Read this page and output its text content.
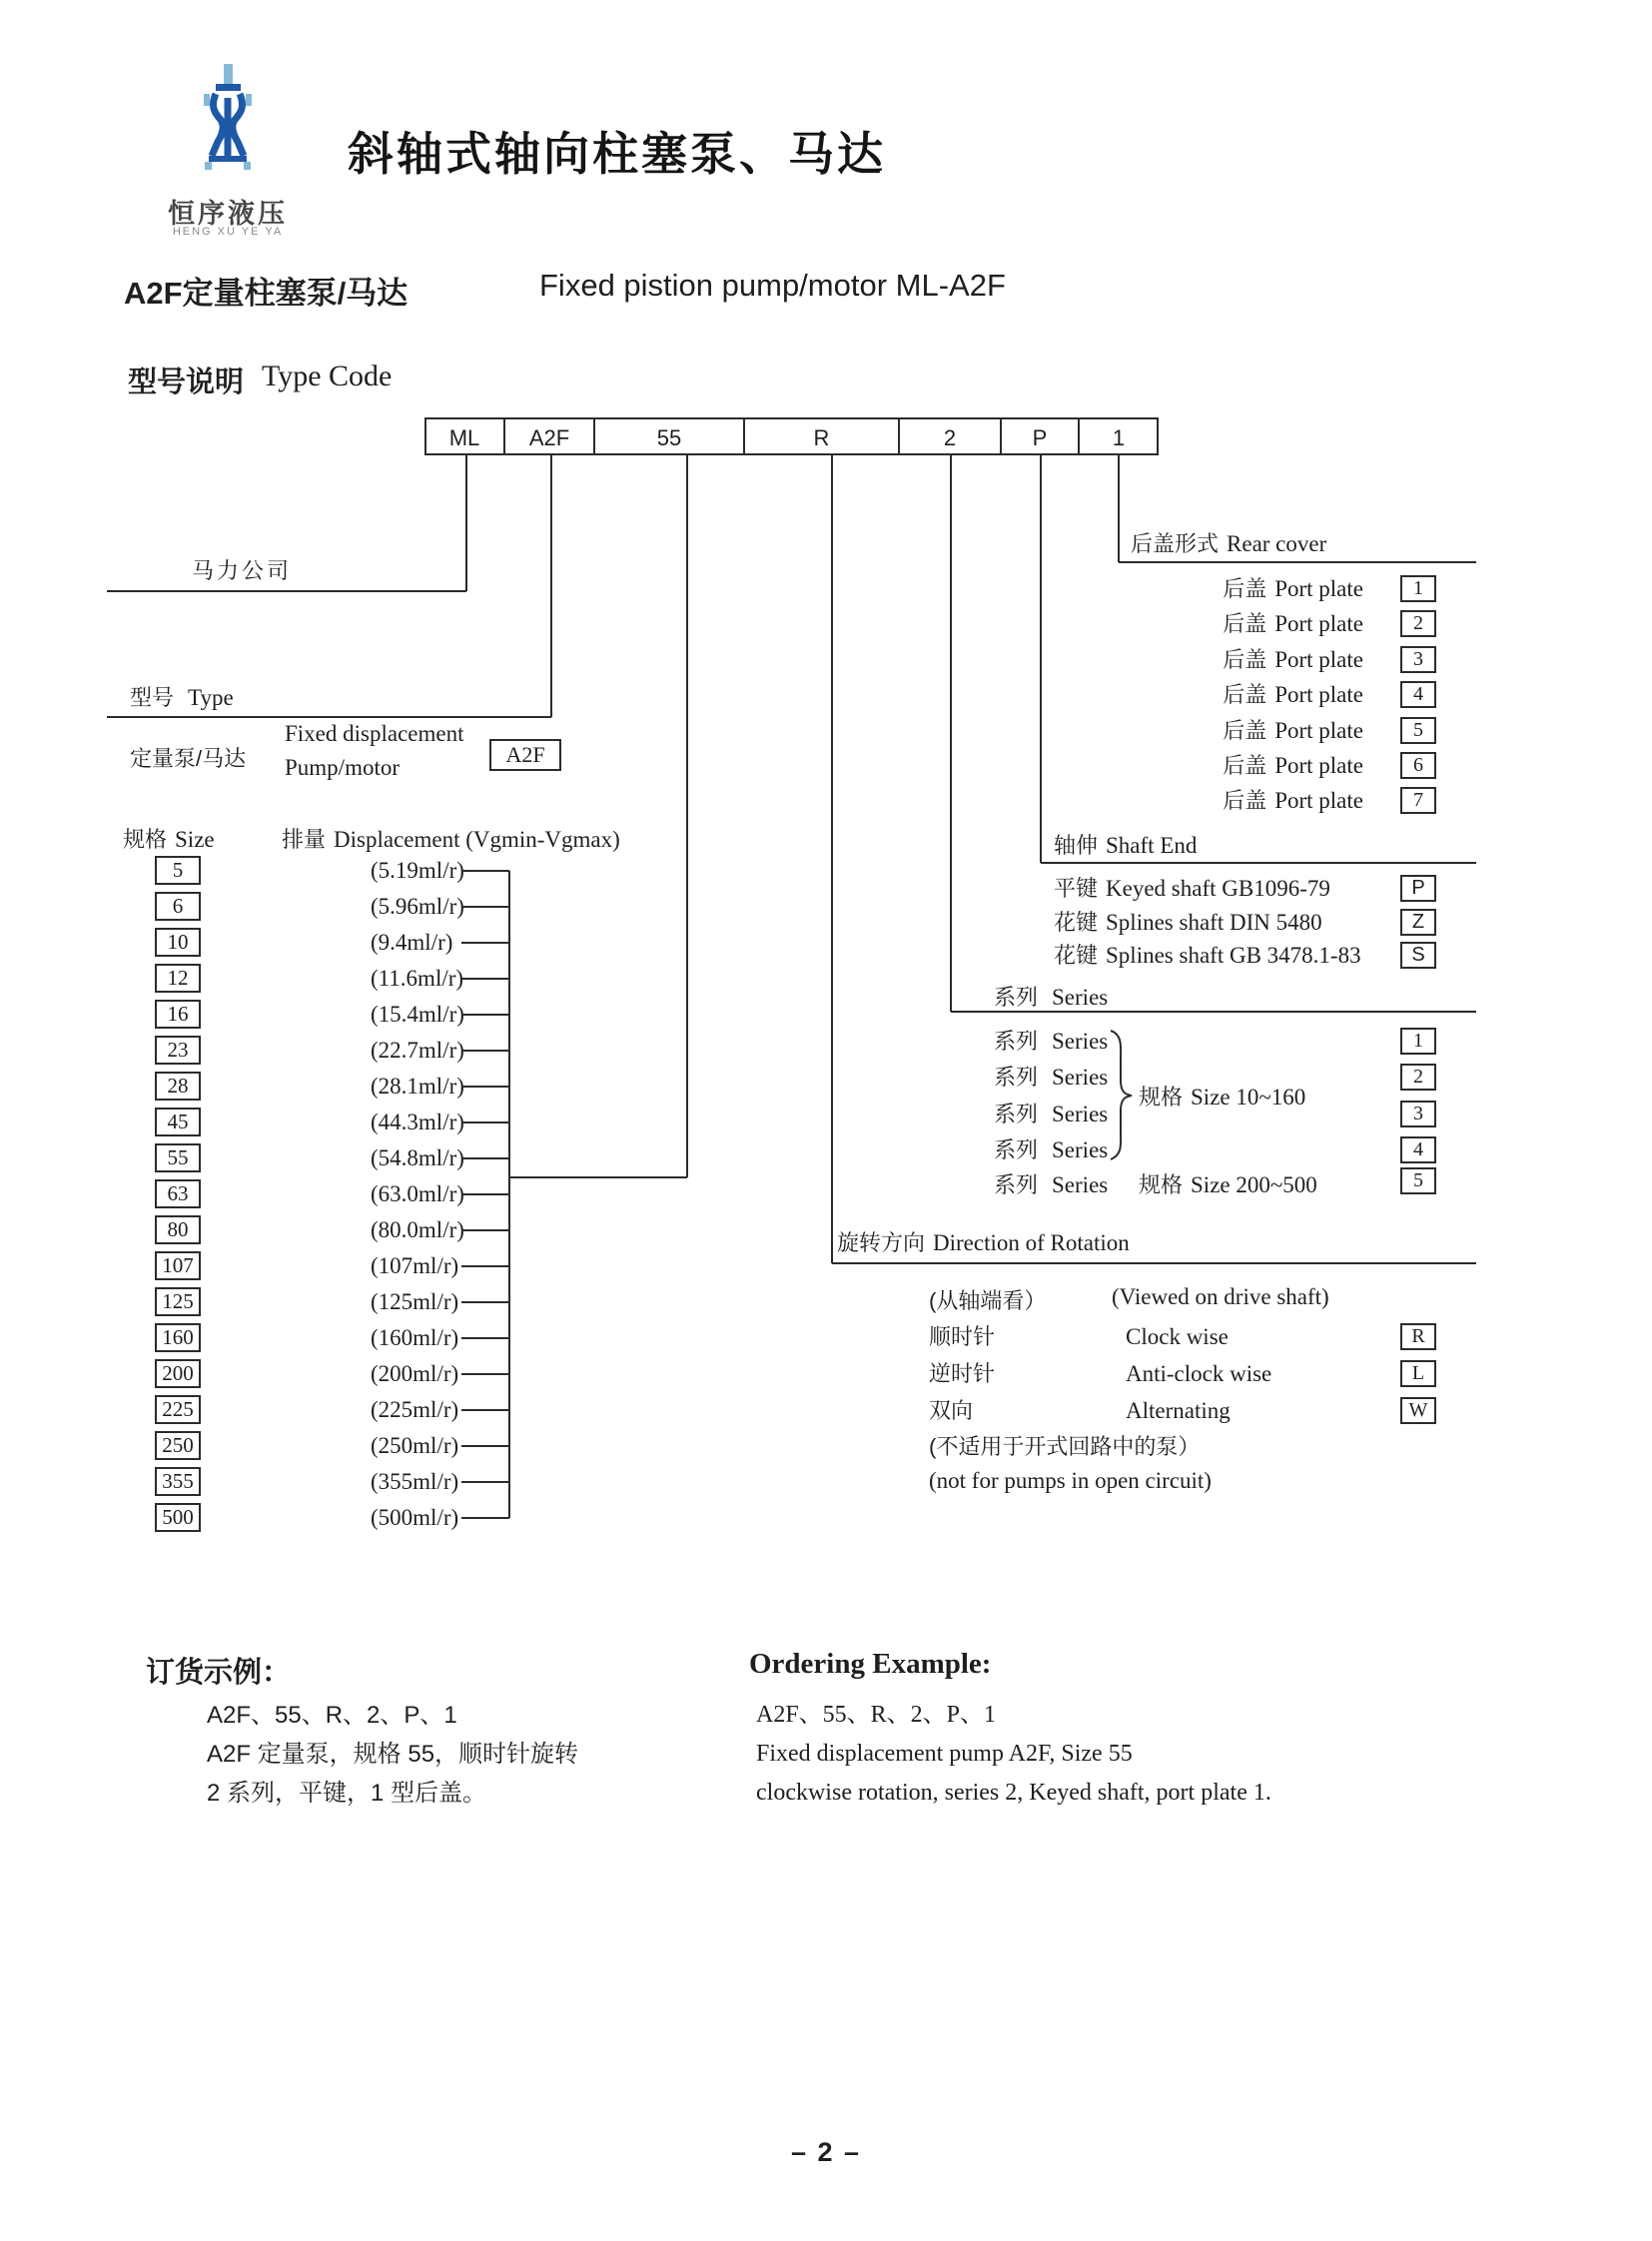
恒序液压
HENG XU YE YA
斜轴式轴向柱塞泵、马达
A2F定量柱塞泵/马达	Fixed pistion pump/motor ML-A2F
型号说明 Type Code
ML	A2F	55	R	2	P	1
马力公司
型号 Type
定量泵/马达
Fixed displacement
Pump/motor
A2F
规格 Size	排量 Displacement (Vgmin-Vgmax)
5	(5.19ml/r)
6	(5.96ml/r)
10	(9.4ml/r)
12	(11.6ml/r)
16	(15.4ml/r)
23	(22.7ml/r)
28	(28.1ml/r)
45	(44.3ml/r)
55	(54.8ml/r)
63	(63.0ml/r)
80	(80.0ml/r)
107	(107ml/r)
125	(125ml/r)
160	(160ml/r)
200	(200ml/r)
225	(225ml/r)
250	(250ml/r)
355	(355ml/r)
500	(500ml/r)
后盖形式 Rear cover
后盖 Port plate	1
后盖 Port plate	2
后盖 Port plate	3
后盖 Port plate	4
后盖 Port plate	5
后盖 Port plate	6
后盖 Port plate	7
轴伸 Shaft End
平键 Keyed shaft GB1096-79	P
花键 Splines shaft DIN 5480	Z
花键 Splines shaft GB 3478.1-83	S
系列 Series
系列 Series	1
系列 Series	2
系列 Series	3
系列 Series	4
规格 Size 10~160
系列 Series 规格 Size 200~500	5
旋转方向 Direction of Rotation
(从轴端看）	(Viewed on drive shaft)
顺时针	Clock wise	R
逆时针	Anti-clock wise	L
双向	Alternating	W
(不适用于开式回路中的泵）
(not for pumps in open circuit)
订货示例：	Ordering Example:
A2F、55、R、2、P、1
A2F 定量泵，规格 55，顺时针旋转
2 系列，平键，1 型后盖。
A2F、55、R、2、P、1
Fixed displacement pump A2F, Size 55
clockwise rotation, series 2, Keyed shaft, port plate 1.
– 2 –
